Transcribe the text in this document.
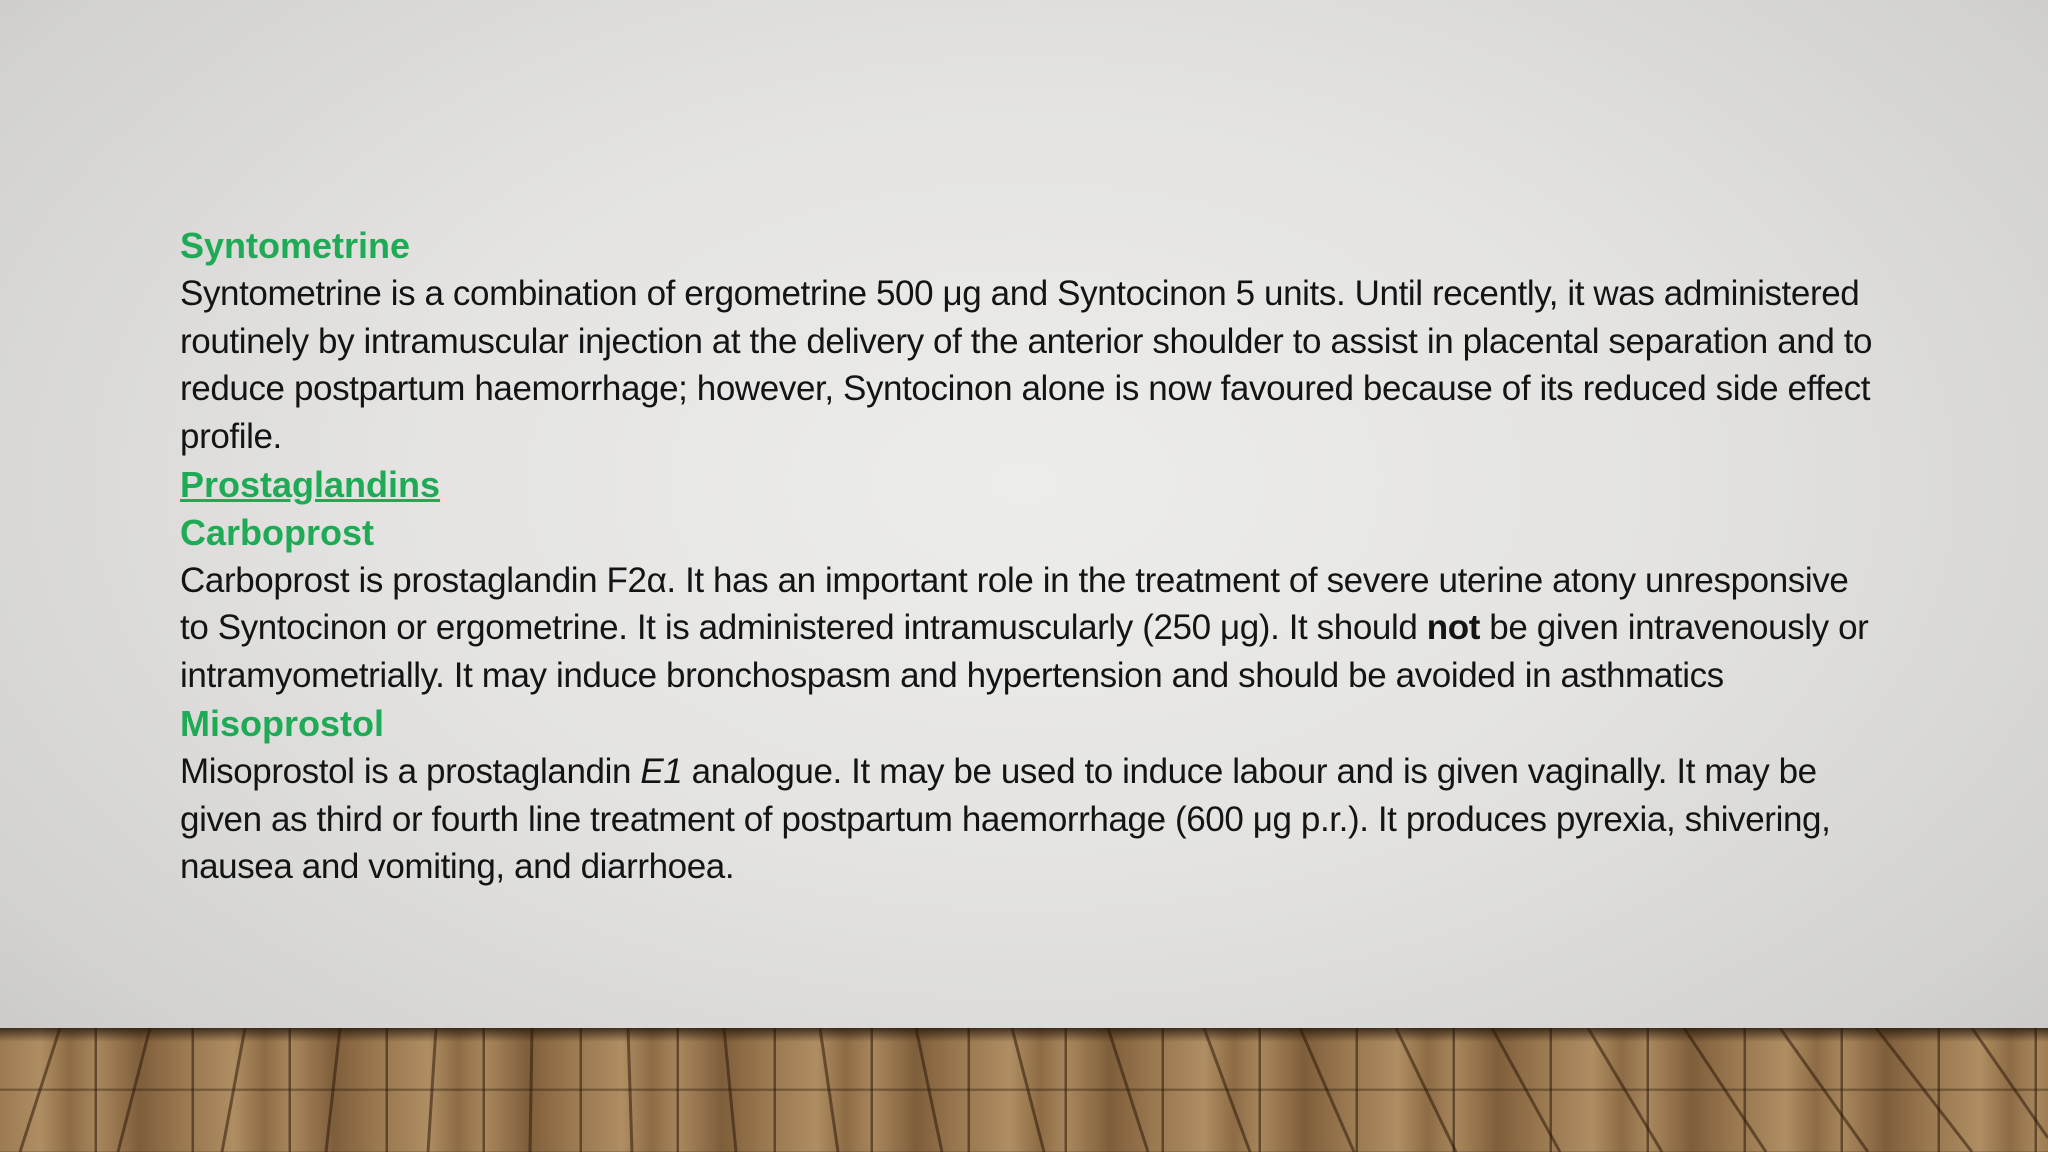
Syntometrine

Syntometrine is a combination of ergometrine 500 μg and Syntocinon 5 units. Until recently, it was administered routinely by intramuscular injection at the delivery of the anterior shoulder to assist in placental separation and to reduce postpartum haemorrhage; however, Syntocinon alone is now favoured because of its reduced side effect profile.

Prostaglandins
Carboprost

Carboprost is prostaglandin F2α. It has an important role in the treatment of severe uterine atony unresponsive to Syntocinon or ergometrine. It is administered intramuscularly (250 μg). It should not be given intravenously or intramyometrially. It may induce bronchospasm and hypertension and should be avoided in asthmatics

Misoprostol

Misoprostol is a prostaglandin E1 analogue. It may be used to induce labour and is given vaginally. It may be given as third or fourth line treatment of postpartum haemorrhage (600 μg p.r.). It produces pyrexia, shivering, nausea and vomiting, and diarrhoea.
